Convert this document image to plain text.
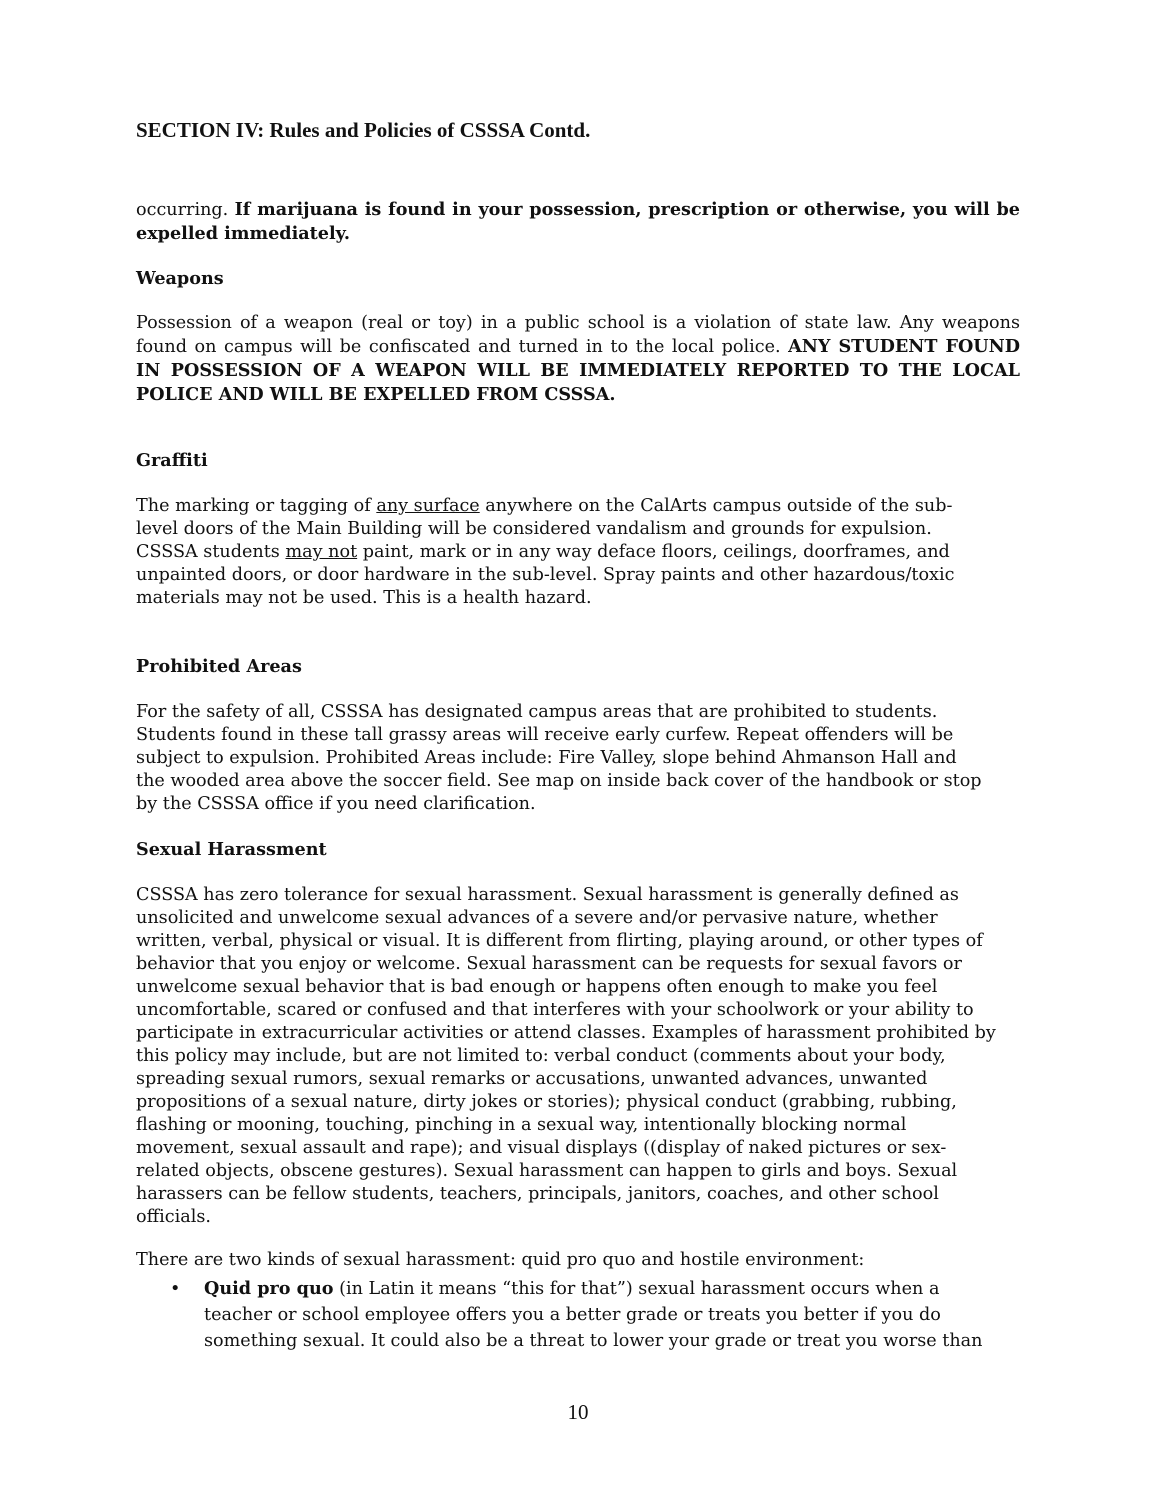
SECTION IV: Rules and Policies of CSSSA Contd.

occurring. If marijuana is found in your possession, prescription or otherwise, you will be expelled immediately.

Weapons

Possession of a weapon (real or toy) in a public school is a violation of state law. Any weapons found on campus will be confiscated and turned in to the local police. ANY STUDENT FOUND IN POSSESSION OF A WEAPON WILL BE IMMEDIATELY REPORTED TO THE LOCAL POLICE AND WILL BE EXPELLED FROM CSSSA.

Graffiti
The marking or tagging of any surface anywhere on the CalArts campus outside of the sub-
level doors of the Main Building will be considered vandalism and grounds for expulsion.
CSSSA students may not paint, mark or in any way deface floors, ceilings, doorframes, and
unpainted doors, or door hardware in the sub-level. Spray paints and other hazardous/toxic
materials may not be used. This is a health hazard.
Prohibited Areas
For the safety of all, CSSSA has designated campus areas that are prohibited to students.
Students found in these tall grassy areas will receive early curfew. Repeat offenders will be
subject to expulsion. Prohibited Areas include: Fire Valley, slope behind Ahmanson Hall and
the wooded area above the soccer field. See map on inside back cover of the handbook or stop
by the CSSSA office if you need clarification.
Sexual Harassment
CSSSA has zero tolerance for sexual harassment. Sexual harassment is generally defined as
unsolicited and unwelcome sexual advances of a severe and/or pervasive nature, whether
written, verbal, physical or visual. It is different from flirting, playing around, or other types of
behavior that you enjoy or welcome. Sexual harassment can be requests for sexual favors or
unwelcome sexual behavior that is bad enough or happens often enough to make you feel
uncomfortable, scared or confused and that interferes with your schoolwork or your ability to
participate in extracurricular activities or attend classes. Examples of harassment prohibited by
this policy may include, but are not limited to: verbal conduct (comments about your body,
spreading sexual rumors, sexual remarks or accusations, unwanted advances, unwanted
propositions of a sexual nature, dirty jokes or stories); physical conduct (grabbing, rubbing,
flashing or mooning, touching, pinching in a sexual way, intentionally blocking normal
movement, sexual assault and rape); and visual displays ((display of naked pictures or sex-
related objects, obscene gestures). Sexual harassment can happen to girls and boys. Sexual
harassers can be fellow students, teachers, principals, janitors, coaches, and other school
officials.

There are two kinds of sexual harassment: quid pro quo and hostile environment:

• Quid pro quo (in Latin it means “this for that”) sexual harassment occurs when a
teacher or school employee offers you a better grade or treats you better if you do
something sexual. It could also be a threat to lower your grade or treat you worse than

10
